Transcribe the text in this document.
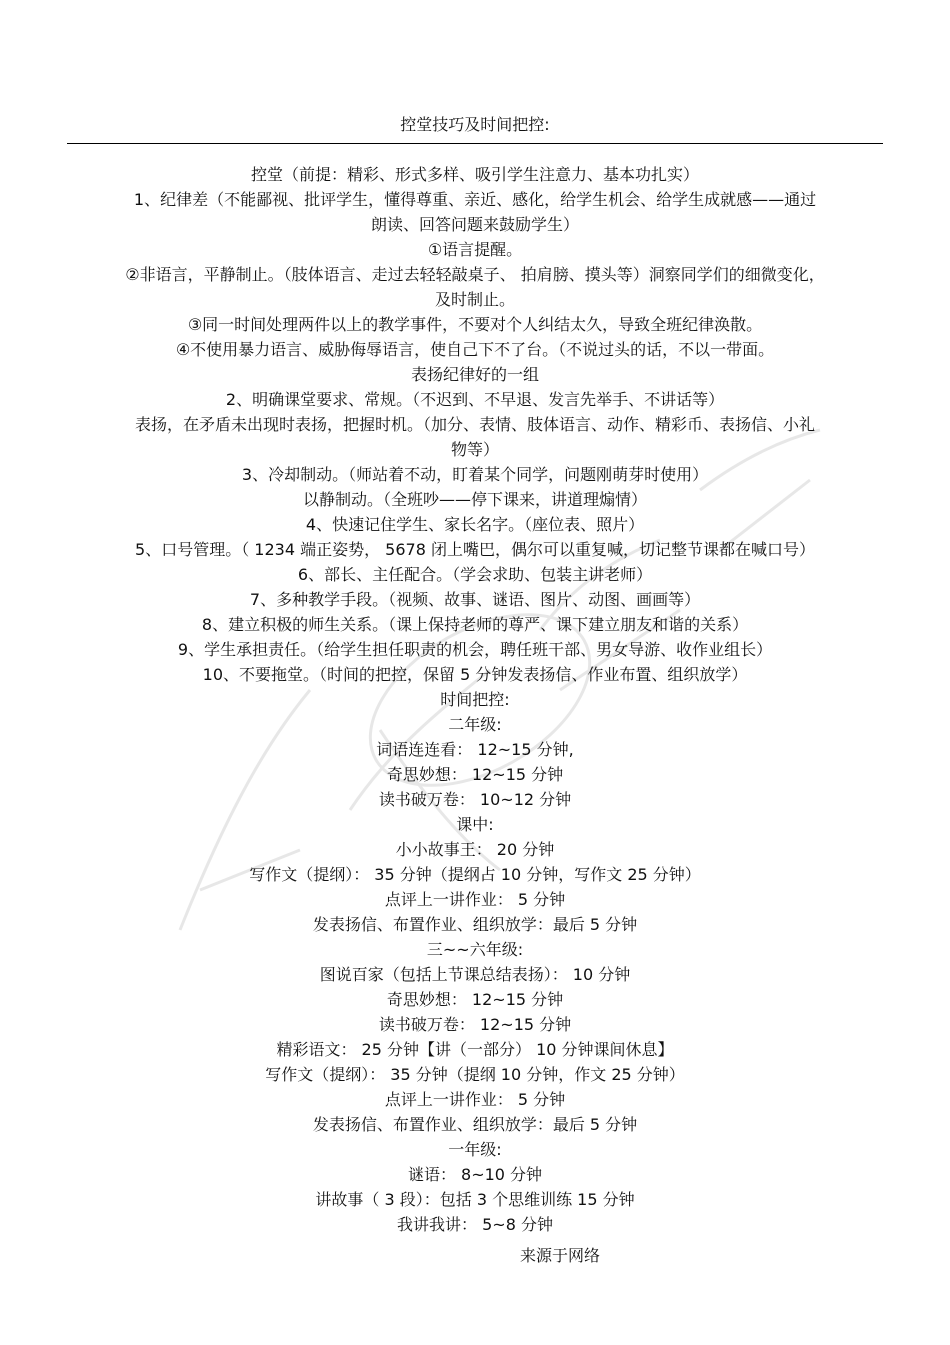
控堂技巧及时间把控:

控堂（前提：精彩、形式多样、吸引学生注意力、基本功扎实）

1、纪律差（不能鄙视、批评学生，懂得尊重、亲近、感化，给学生机会、给学生成就感——通过

朗读、回答问题来鼓励学生）

①语言提醒。

②非语言，平静制止。（肢体语言、走过去轻轻敲桌子、 拍肩膀、摸头等）洞察同学们的细微变化，

及时制止。

③同一时间处理两件以上的教学事件，不要对个人纠结太久，导致全班纪律涣散。

④不使用暴力语言、威胁侮辱语言，使自己下不了台。（不说过头的话，不以一带面。

表扬纪律好的一组

2、明确课堂要求、常规。（不迟到、不早退、发言先举手、不讲话等）

表扬，在矛盾未出现时表扬，把握时机。（加分、表情、肢体语言、动作、精彩币、表扬信、小礼

物等）

3、冷却制动。（师站着不动，盯着某个同学，问题刚萌芽时使用）

以静制动。（全班吵——停下课来，讲道理煽情）

4、快速记住学生、家长名字。（座位表、照片）

5、口号管理。（ 1234 端正姿势， 5678 闭上嘴巴，偶尔可以重复喊，切记整节课都在喊口号）

6、部长、主任配合。（学会求助、包装主讲老师）

7、多种教学手段。（视频、故事、谜语、图片、动图、画画等）

8、建立积极的师生关系。（课上保持老师的尊严、课下建立朋友和谐的关系）

9、学生承担责任。（给学生担任职责的机会，聘任班干部、男女导游、收作业组长）

10、不要拖堂。（时间的把控，保留 5 分钟发表扬信、作业布置、组织放学）

时间把控:

二年级:

词语连连看： 12~15 分钟,

奇思妙想： 12~15 分钟

读书破万卷： 10~12 分钟

课中:

小小故事王： 20 分钟

写作文（提纲）： 35 分钟（提纲占 10 分钟，写作文 25 分钟）

点评上一讲作业： 5 分钟

发表扬信、布置作业、组织放学：最后 5 分钟

三~~六年级:

图说百家（包括上节课总结表扬）： 10 分钟

奇思妙想： 12~15 分钟

读书破万卷： 12~15 分钟

精彩语文： 25 分钟【讲（一部分） 10 分钟课间休息】

写作文（提纲）： 35 分钟（提纲 10 分钟，作文 25 分钟）

点评上一讲作业： 5 分钟

发表扬信、布置作业、组织放学：最后 5 分钟

一年级:

谜语： 8~10 分钟

讲故事（ 3 段）：包括 3 个思维训练 15 分钟

我讲我讲： 5~8 分钟

来源于网络
